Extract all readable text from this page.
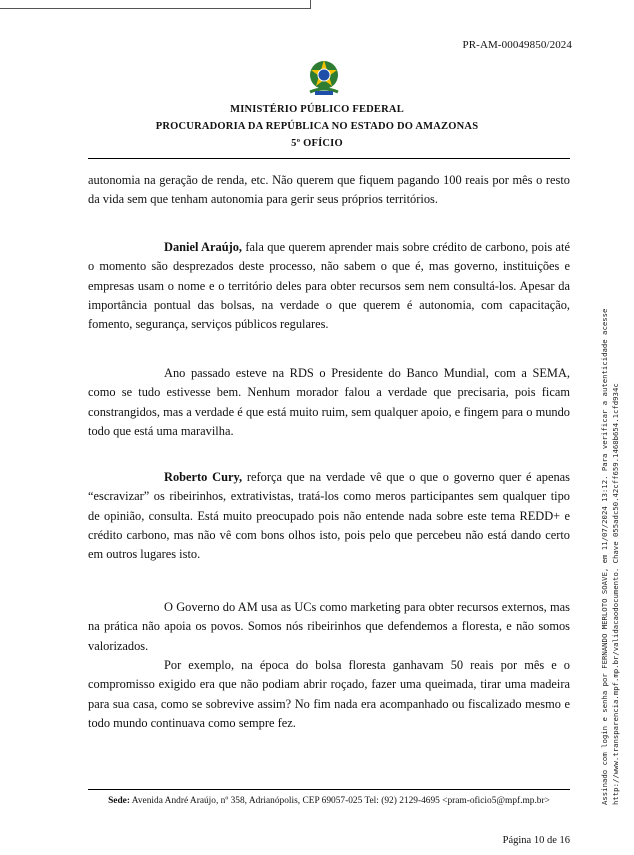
PR-AM-00049850/2024
MINISTÉRIO PÚBLICO FEDERAL
PROCURADORIA DA REPÚBLICA NO ESTADO DO AMAZONAS
5º OFÍCIO

autonomia na geração de renda, etc. Não querem que fiquem pagando 100 reais por mês o resto da vida sem que tenham autonomia para gerir seus próprios territórios.

Daniel Araújo, fala que querem aprender mais sobre crédito de carbono, pois até o momento são desprezados deste processo, não sabem o que é, mas governo, instituições e empresas usam o nome e o território deles para obter recursos sem nem consultá-los. Apesar da importância pontual das bolsas, na verdade o que querem é autonomia, com capacitação, fomento, segurança, serviços públicos regulares.

Ano passado esteve na RDS o Presidente do Banco Mundial, com a SEMA, como se tudo estivesse bem. Nenhum morador falou a verdade que precisaria, pois ficam constrangidos, mas a verdade é que está muito ruim, sem qualquer apoio, e fingem para o mundo todo que está uma maravilha.

Roberto Cury, reforça que na verdade vê que o que o governo quer é apenas “escravizar” os ribeirinhos, extrativistas, tratá-los como meros participantes sem qualquer tipo de opinião, consulta. Está muito preocupado pois não entende nada sobre este tema REDD+ e crédito carbono, mas não vê com bons olhos isto, pois pelo que percebeu não está dando certo em outros lugares isto.

O Governo do AM usa as UCs como marketing para obter recursos externos, mas na prática não apoia os povos. Somos nós ribeirinhos que defendemos a floresta, e não somos valorizados.

Por exemplo, na época do bolsa floresta ganhavam 50 reais por mês e o compromisso exigido era que não podiam abrir roçado, fazer uma queimada, tirar uma madeira para sua casa, como se sobrevive assim? No fim nada era acompanhado ou fiscalizado mesmo e todo mundo continuava como sempre fez.

Sede: Avenida André Araújo, nº 358, Adrianópolis, CEP 69057-025 Tel: (92) 2129-4695 <pram-oficio5@mpf.mp.br>
Página 10 de 16
Assinado com login e senha por FERNANDO MERLOTO SOAVE, em 11/07/2024 13:12. Para verificar a autenticidade acesse http://www.transparencia.mpf.mp.br/validacaodocumento. Chave 055adc50.42cff659.1468b654.1cfd934c
